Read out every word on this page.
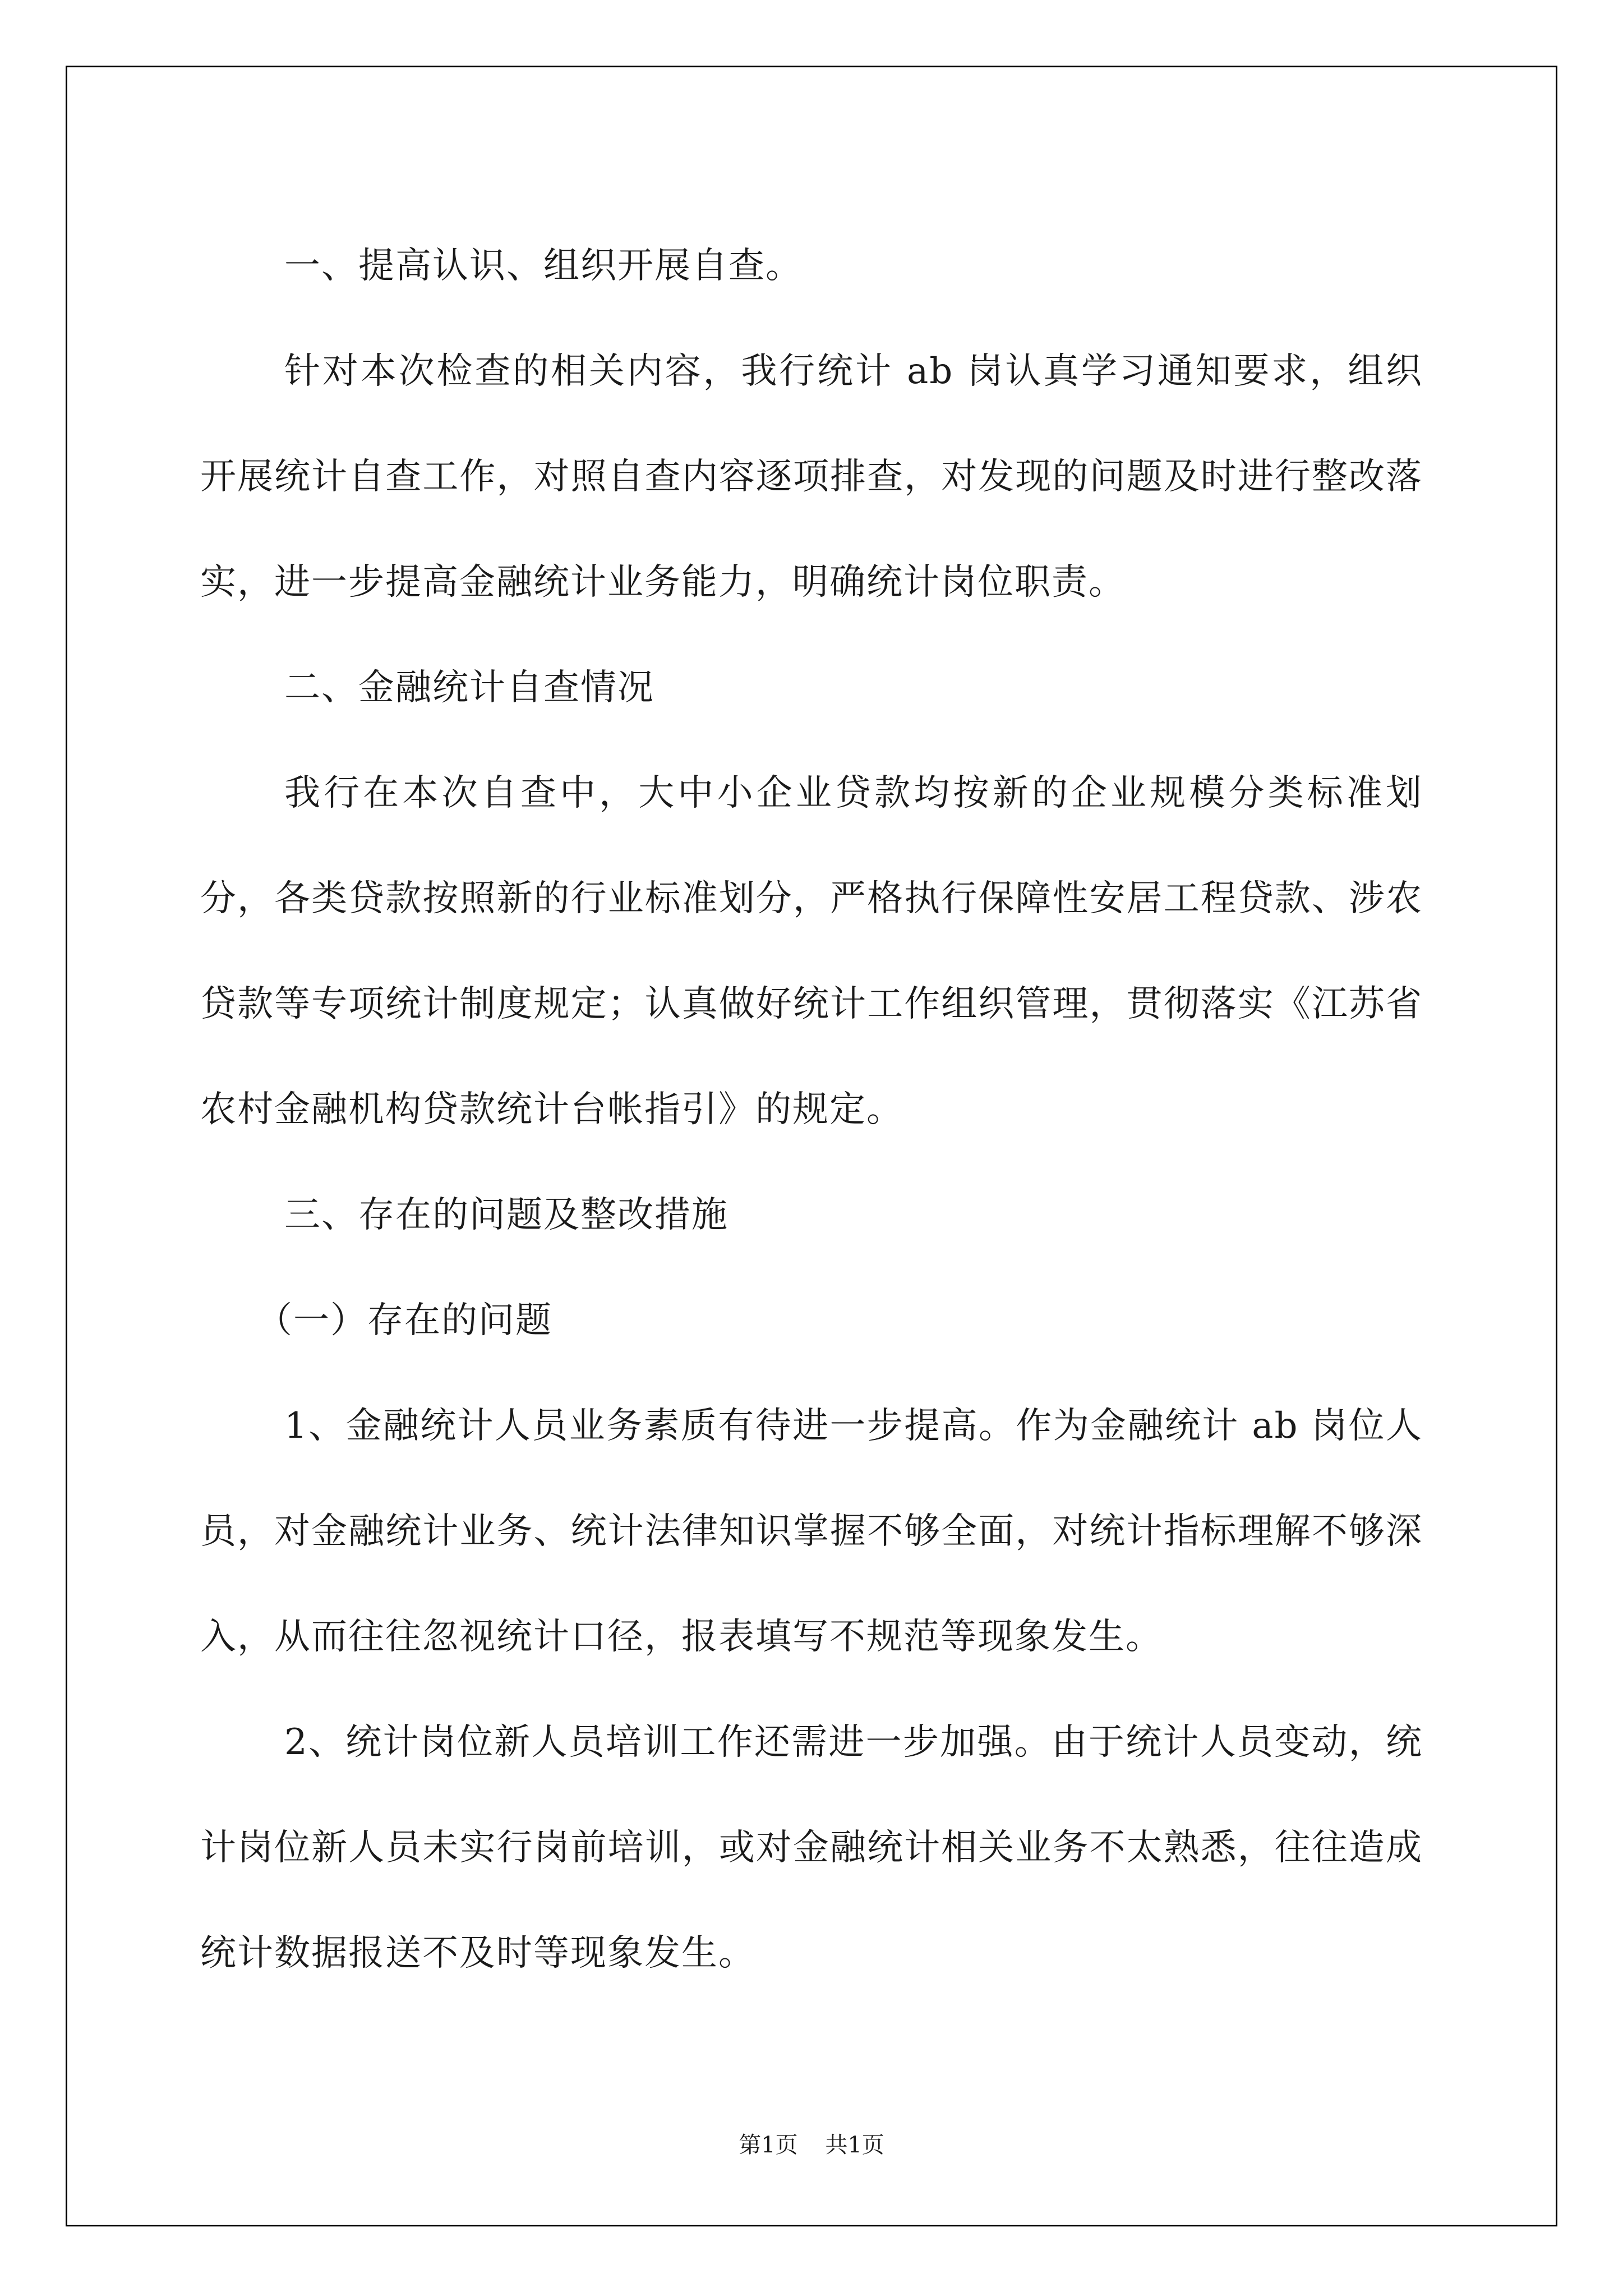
一、提高认识、组织开展自查。

针对本次检查的相关内容，我行统计 ab 岗认真学习通知要求，组织开展统计自查工作，对照自查内容逐项排查，对发现的问题及时进行整改落实，进一步提高金融统计业务能力，明确统计岗位职责。

二、金融统计自查情况

我行在本次自查中，大中小企业贷款均按新的企业规模分类标准划分，各类贷款按照新的行业标准划分，严格执行保障性安居工程贷款、涉农贷款等专项统计制度规定；认真做好统计工作组织管理，贯彻落实《江苏省农村金融机构贷款统计台帐指引》的规定。

三、存在的问题及整改措施

（一）存在的问题

1、金融统计人员业务素质有待进一步提高。作为金融统计 ab 岗位人员，对金融统计业务、统计法律知识掌握不够全面，对统计指标理解不够深入，从而往往忽视统计口径，报表填写不规范等现象发生。

2、统计岗位新人员培训工作还需进一步加强。由于统计人员变动，统计岗位新人员未实行岗前培训，或对金融统计相关业务不太熟悉，往往造成统计数据报送不及时等现象发生。

第1页 共1页
